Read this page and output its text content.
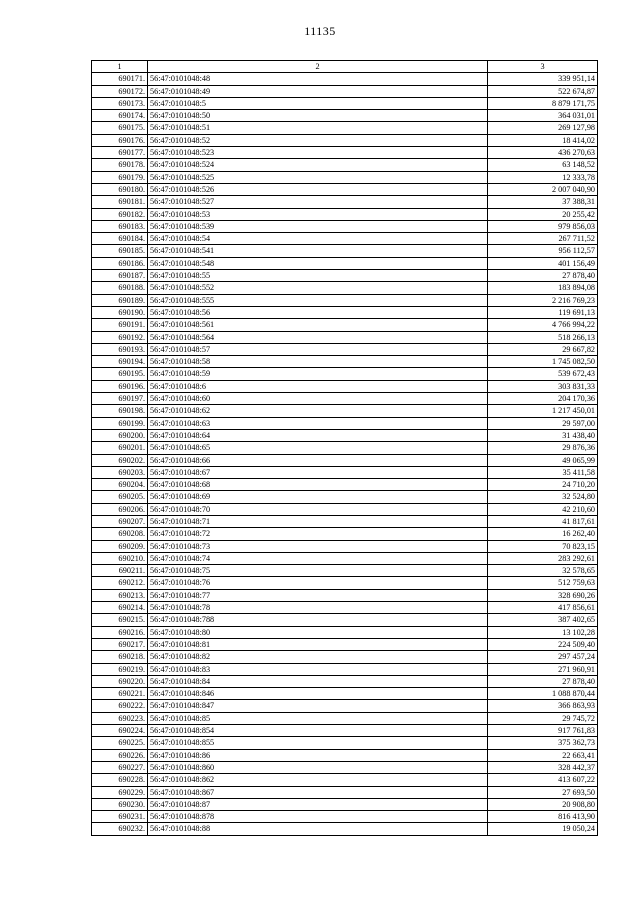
11135
1	2	3
690171.	56:47:0101048:48	339 951,14
690172.	56:47:0101048:49	522 674,87
690173.	56:47:0101048:5	8 879 171,75
690174.	56:47:0101048:50	364 031,01
690175.	56:47:0101048:51	269 127,98
690176.	56:47:0101048:52	18 414,02
690177.	56:47:0101048:523	436 270,63
690178.	56:47:0101048:524	63 148,52
690179.	56:47:0101048:525	12 333,78
690180.	56:47:0101048:526	2 007 040,90
690181.	56:47:0101048:527	37 388,31
690182.	56:47:0101048:53	20 255,42
690183.	56:47:0101048:539	979 856,03
690184.	56:47:0101048:54	267 711,52
690185.	56:47:0101048:541	956 112,57
690186.	56:47:0101048:548	401 156,49
690187.	56:47:0101048:55	27 878,40
690188.	56:47:0101048:552	183 894,08
690189.	56:47:0101048:555	2 216 769,23
690190.	56:47:0101048:56	119 691,13
690191.	56:47:0101048:561	4 766 994,22
690192.	56:47:0101048:564	518 266,13
690193.	56:47:0101048:57	29 667,82
690194.	56:47:0101048:58	1 745 082,50
690195.	56:47:0101048:59	539 672,43
690196.	56:47:0101048:6	303 831,33
690197.	56:47:0101048:60	204 170,36
690198.	56:47:0101048:62	1 217 450,01
690199.	56:47:0101048:63	29 597,00
690200.	56:47:0101048:64	31 438,40
690201.	56:47:0101048:65	29 876,36
690202.	56:47:0101048:66	49 065,99
690203.	56:47:0101048:67	35 411,58
690204.	56:47:0101048:68	24 710,20
690205.	56:47:0101048:69	32 524,80
690206.	56:47:0101048:70	42 210,60
690207.	56:47:0101048:71	41 817,61
690208.	56:47:0101048:72	16 262,40
690209.	56:47:0101048:73	70 823,15
690210.	56:47:0101048:74	283 292,61
690211.	56:47:0101048:75	32 578,65
690212.	56:47:0101048:76	512 759,63
690213.	56:47:0101048:77	328 690,26
690214.	56:47:0101048:78	417 856,61
690215.	56:47:0101048:788	387 402,65
690216.	56:47:0101048:80	13 102,28
690217.	56:47:0101048:81	224 509,40
690218.	56:47:0101048:82	297 457,24
690219.	56:47:0101048:83	271 960,91
690220.	56:47:0101048:84	27 878,40
690221.	56:47:0101048:846	1 088 870,44
690222.	56:47:0101048:847	366 863,93
690223.	56:47:0101048:85	29 745,72
690224.	56:47:0101048:854	917 761,83
690225.	56:47:0101048:855	375 362,73
690226.	56:47:0101048:86	22 663,41
690227.	56:47:0101048:860	328 442,37
690228.	56:47:0101048:862	413 607,22
690229.	56:47:0101048:867	27 693,50
690230.	56:47:0101048:87	20 908,80
690231.	56:47:0101048:878	816 413,90
690232.	56:47:0101048:88	19 050,24
